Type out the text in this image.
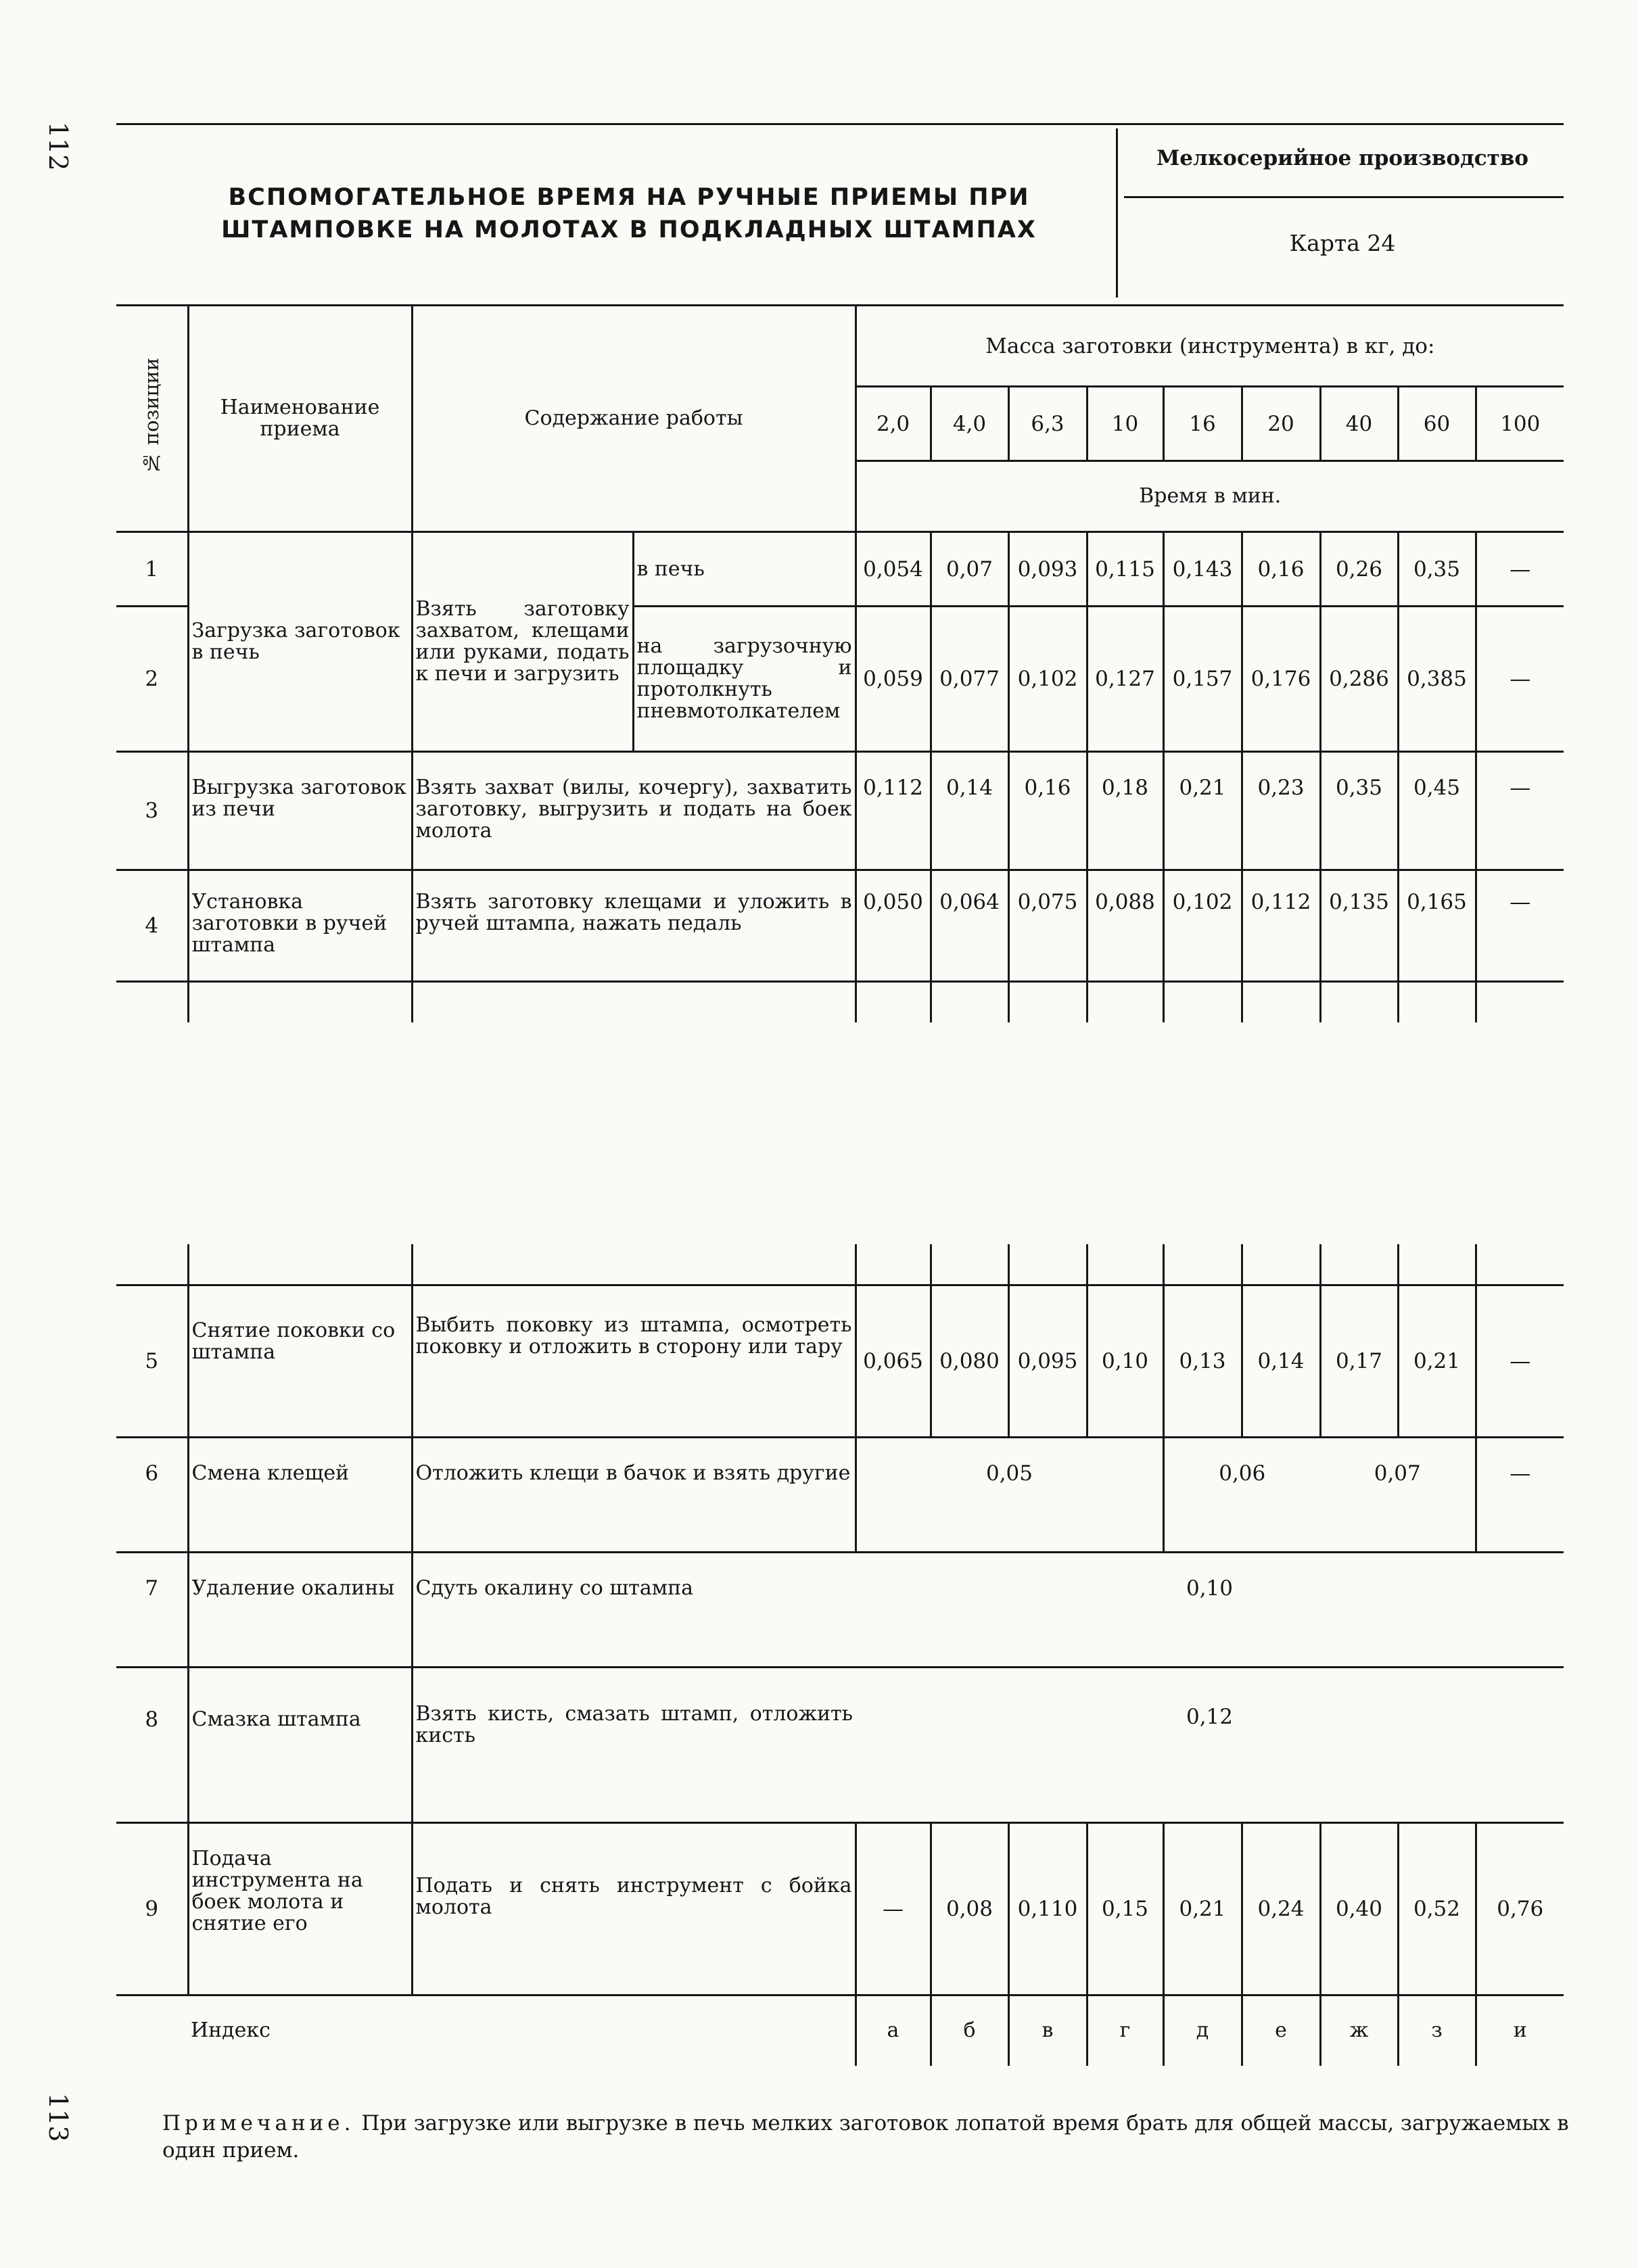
112
113
ВСПОМОГАТЕЛЬНОЕ ВРЕМЯ НА РУЧНЫЕ ПРИЕМЫ ПРИ ШТАМПОВКЕ НА МОЛОТАХ В ПОДКЛАДНЫХ ШТАМПАХ
Мелкосерийное производство
Карта 24
№ позиции	Наименование приема	Содержание работы		Масса заготовки (инструмента) в кг, до:								
				2,0	4,0	6,3	10	16	20	40	60	100
				Время в мин.								
1	Загрузка заготовок в печь	Взять заготовку захватом, клещами или руками, подать к печи и загрузить	в печь	0,054	0,07	0,093	0,115	0,143	0,16	0,26	0,35	—
2			на загрузочную площадку и протолкнуть пневмотолкателем	0,059	0,077	0,102	0,127	0,157	0,176	0,286	0,385	—
3	Выгрузка заготовок из печи	Взять захват (вилы, кочергу), захватить заготовку, выгрузить и подать на боек молота		0,112	0,14	0,16	0,18	0,21	0,23	0,35	0,45	—
4	Установка заготовки в ручей штампа	Взять заготовку клещами и уложить в ручей штампа, нажать педаль		0,050	0,064	0,075	0,088	0,102	0,112	0,135	0,165	—

5	Снятие поковки со штампа	Выбить поковку из штампа, осмотреть поковку и отложить в сторону или тару	0,065	0,080	0,095	0,10	0,13	0,14	0,17	0,21	—
6	Смена клещей	Отложить клещи в бачок и взять другие	0,05				0,06		0,07		—
7	Удаление окалины	Сдуть окалину со штампа	0,10								
8	Смазка штампа	Взять кисть, смазать штамп, отложить кисть	0,12								
9	Подача инструмента на боек молота и снятие его	Подать и снять инструмент с бойка молота	—	0,08	0,110	0,15	0,21	0,24	0,40	0,52	0,76
Индекс			а	б	в	г	д	е	ж	з	и
Примечание. При загрузке или выгрузке в печь мелких заготовок лопатой время брать для общей массы, загружаемых в один прием.
